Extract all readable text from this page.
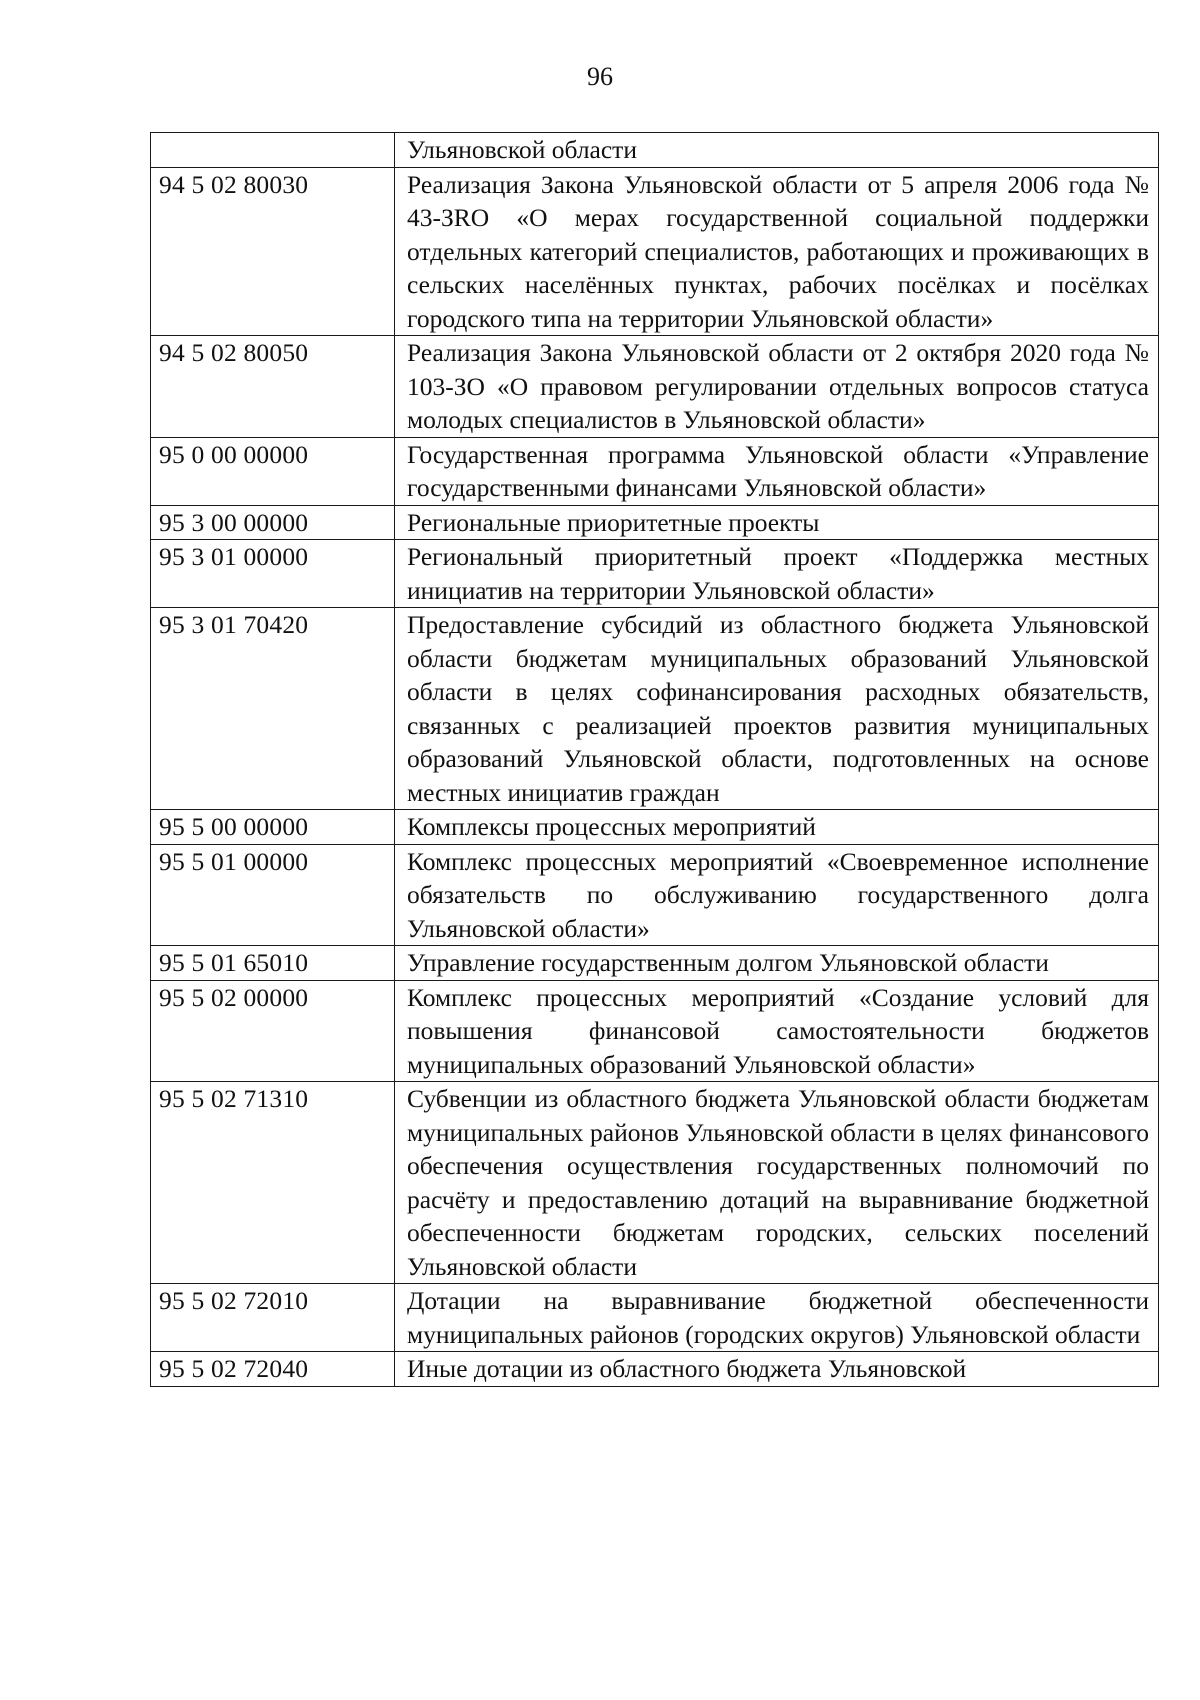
96
	Ульяновской области
94 5 02 80030	Реализация Закона Ульяновской области от 5 апреля 2006 года № 43-ЗRО «О мерах государственной социальной поддержки отдельных категорий специалистов, работающих и проживающих в сельских населённых пунктах, рабочих посёлках и посёлках городского типа на территории Ульяновской области»
94 5 02 80050	Реализация Закона Ульяновской области от 2 октября 2020 года № 103-ЗО «О правовом регулировании отдельных вопросов статуса молодых специалистов в Ульяновской области»
95 0 00 00000	Государственная программа Ульяновской области «Управление государственными финансами Ульяновской области»
95 3 00 00000	Региональные приоритетные проекты
95 3 01 00000	Региональный приоритетный проект «Поддержка местных инициатив на территории Ульяновской области»
95 3 01 70420	Предоставление субсидий из областного бюджета Ульяновской области бюджетам муниципальных образований Ульяновской области в целях софинансирования расходных обязательств, связанных с реализацией проектов развития муниципальных образований Ульяновской области, подготовленных на основе местных инициатив граждан
95 5 00 00000	Комплексы процессных мероприятий
95 5 01 00000	Комплекс процессных мероприятий «Своевременное исполнение обязательств по обслуживанию государственного долга Ульяновской области»
95 5 01 65010	Управление государственным долгом Ульяновской области
95 5 02 00000	Комплекс процессных мероприятий «Создание условий для повышения финансовой самостоятельности бюджетов муниципальных образований Ульяновской области»
95 5 02 71310	Субвенции из областного бюджета Ульяновской области бюджетам муниципальных районов Ульяновской области в целях финансового обеспечения осуществления государственных полномочий по расчёту и предоставлению дотаций на выравнивание бюджетной обеспеченности бюджетам городских, сельских поселений Ульяновской области
95 5 02 72010	Дотации на выравнивание бюджетной обеспеченности муниципальных районов (городских округов) Ульяновской области
95 5 02 72040	Иные дотации из областного бюджета Ульяновской
